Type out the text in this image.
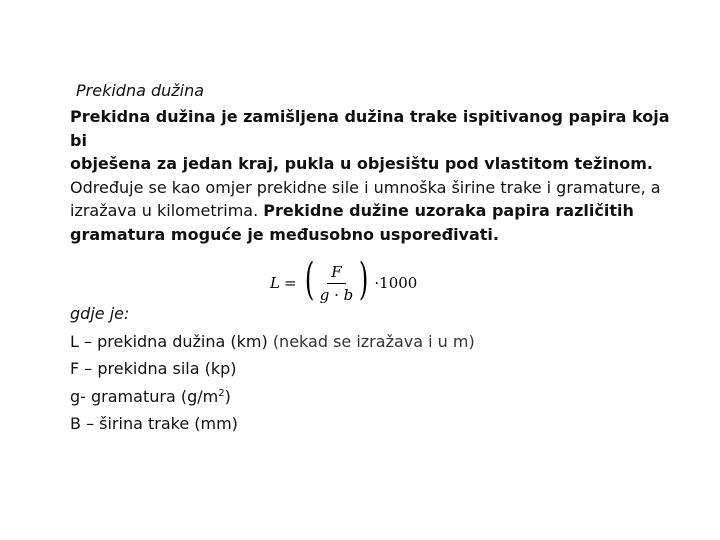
Prekidna dužina
Prekidna dužina je zamišljena dužina trake ispitivanog papira koja bi
obješena za jedan kraj, pukla u objesištu pod vlastitom težinom.
Određuje se kao omjer prekidne sile i umnoška širine trake i gramature, a
izražava u kilometrima. Prekidne dužine uzoraka papira različitih
gramatura moguće je međusobno uspoređivati.
L = ( $\frac{F}{g \cdot b}$ ) ·1000
gdje je:
L – prekidna dužina (km) (nekad se izražava i u m)
F – prekidna sila (kp)
g- gramatura $(g/m^2)$
B – širina trake (mm)
